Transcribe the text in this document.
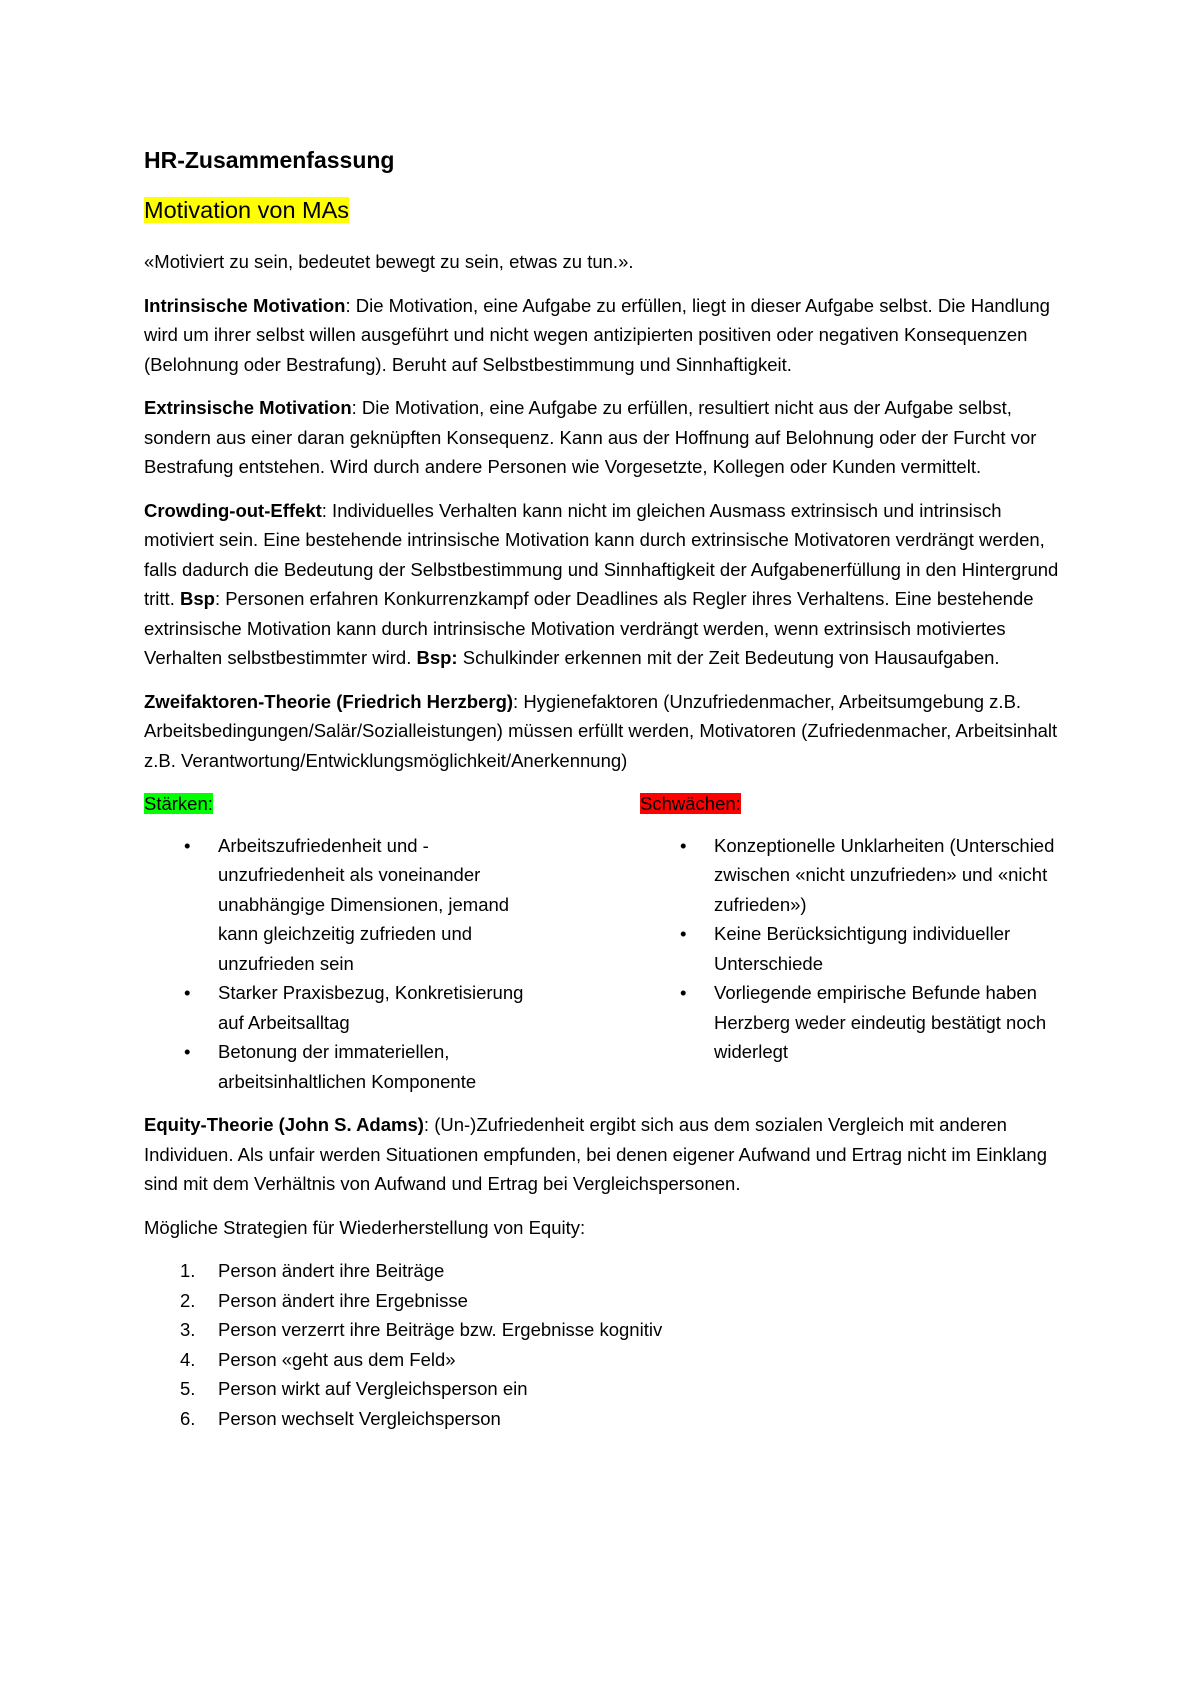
HR-Zusammenfassung
Motivation von MAs

«Motiviert zu sein, bedeutet bewegt zu sein, etwas zu tun.».

Intrinsische Motivation: Die Motivation, eine Aufgabe zu erfüllen, liegt in dieser Aufgabe selbst. Die Handlung wird um ihrer selbst willen ausgeführt und nicht wegen antizipierten positiven oder negativen Konsequenzen (Belohnung oder Bestrafung). Beruht auf Selbstbestimmung und Sinnhaftigkeit.

Extrinsische Motivation: Die Motivation, eine Aufgabe zu erfüllen, resultiert nicht aus der Aufgabe selbst, sondern aus einer daran geknüpften Konsequenz. Kann aus der Hoffnung auf Belohnung oder der Furcht vor Bestrafung entstehen. Wird durch andere Personen wie Vorgesetzte, Kollegen oder Kunden vermittelt.

Crowding-out-Effekt: Individuelles Verhalten kann nicht im gleichen Ausmass extrinsisch und intrinsisch motiviert sein. Eine bestehende intrinsische Motivation kann durch extrinsische Motivatoren verdrängt werden, falls dadurch die Bedeutung der Selbstbestimmung und Sinnhaftigkeit der Aufgabenerfüllung in den Hintergrund tritt. Bsp: Personen erfahren Konkurrenzkampf oder Deadlines als Regler ihres Verhaltens. Eine bestehende extrinsische Motivation kann durch intrinsische Motivation verdrängt werden, wenn extrinsisch motiviertes Verhalten selbstbestimmter wird. Bsp: Schulkinder erkennen mit der Zeit Bedeutung von Hausaufgaben.

Zweifaktoren-Theorie (Friedrich Herzberg): Hygienefaktoren (Unzufriedenmacher, Arbeitsumgebung z.B. Arbeitsbedingungen/Salär/Sozialleistungen) müssen erfüllt werden, Motivatoren (Zufriedenmacher, Arbeitsinhalt z.B. Verantwortung/Entwicklungsmöglichkeit/Anerkennung)

Stärken:
• Arbeitszufriedenheit und -unzufriedenheit als voneinander unabhängige Dimensionen, jemand kann gleichzeitig zufrieden und unzufrieden sein
• Starker Praxisbezug, Konkretisierung auf Arbeitsalltag
• Betonung der immateriellen, arbeitsinhaltlichen Komponente
Schwächen:
• Konzeptionelle Unklarheiten (Unterschied zwischen «nicht unzufrieden» und «nicht zufrieden»)
• Keine Berücksichtigung individueller Unterschiede
• Vorliegende empirische Befunde haben Herzberg weder eindeutig bestätigt noch widerlegt

Equity-Theorie (John S. Adams): (Un-)Zufriedenheit ergibt sich aus dem sozialen Vergleich mit anderen Individuen. Als unfair werden Situationen empfunden, bei denen eigener Aufwand und Ertrag nicht im Einklang sind mit dem Verhältnis von Aufwand und Ertrag bei Vergleichspersonen.

Mögliche Strategien für Wiederherstellung von Equity:

1. Person ändert ihre Beiträge
2. Person ändert ihre Ergebnisse
3. Person verzerrt ihre Beiträge bzw. Ergebnisse kognitiv
4. Person «geht aus dem Feld»
5. Person wirkt auf Vergleichsperson ein
6. Person wechselt Vergleichsperson
